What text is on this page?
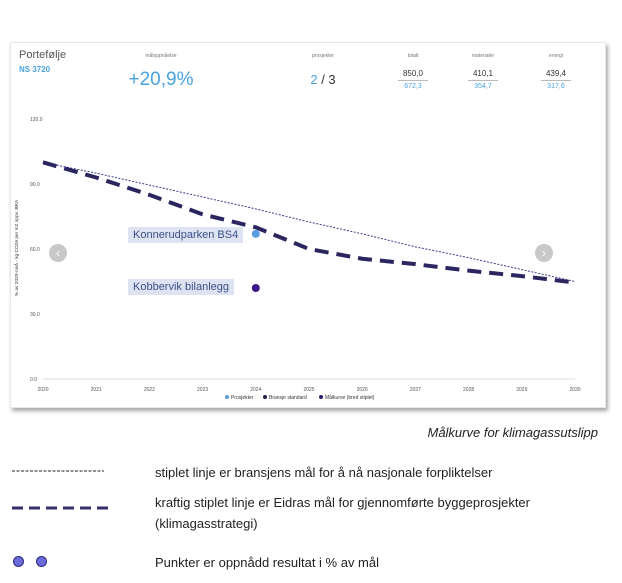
Portefølje
NS 3720
måloppnåelse
+20,9%
prosjekter
2 / 3
totalt
850,0
672,3
materialer
410,1
354,7
energi
439,4
317,6
0.0
30.0
60.0
90.0
120.0
2020	2021	2022	2023	2024	2025	2026	2027	2028	2029	2030
% av 2020-nivå - kg CO2e per m2 oppv. BRA
Prosjekter	Bransje standard	Målkurve (bred stiplet)
‹	›
Konnerudparken BS4
Kobbervik bilanlegg
Målkurve for klimagassutslipp
stiplet linje er bransjens mål for å nå nasjonale forpliktelser
kraftig stiplet linje er Eidras mål for gjennomførte byggeprosjekter
(klimagasstrategi)
Punkter er oppnådd resultat i % av mål
